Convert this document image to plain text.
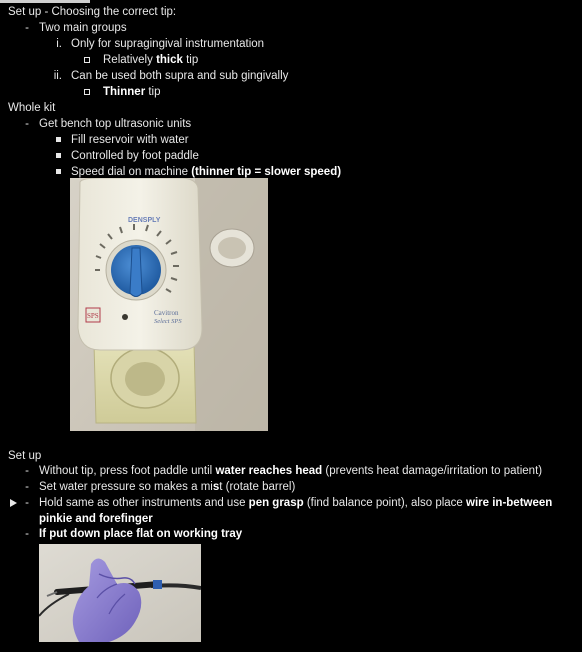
Set up - Choosing the correct tip:
- Two main groups
i. Only for supragingival instrumentation
Relatively thick tip
ii. Can be used both supra and sub gingivally
Thinner tip
Whole kit
- Get bench top ultrasonic units
Fill reservoir with water
Controlled by foot paddle
Speed dial on machine (thinner tip = slower speed)
DENSPLY
SPS	Cavitron
Select SPS
Set up
- Without tip, press foot paddle until water reaches head (prevents heat damage/irritation to patient)
- Set water pressure so makes a mist (rotate barrel)
- Hold same as other instruments and use pen grasp (find balance point), also place wire in-between
pinkie and forefinger
- If put down place flat on working tray
